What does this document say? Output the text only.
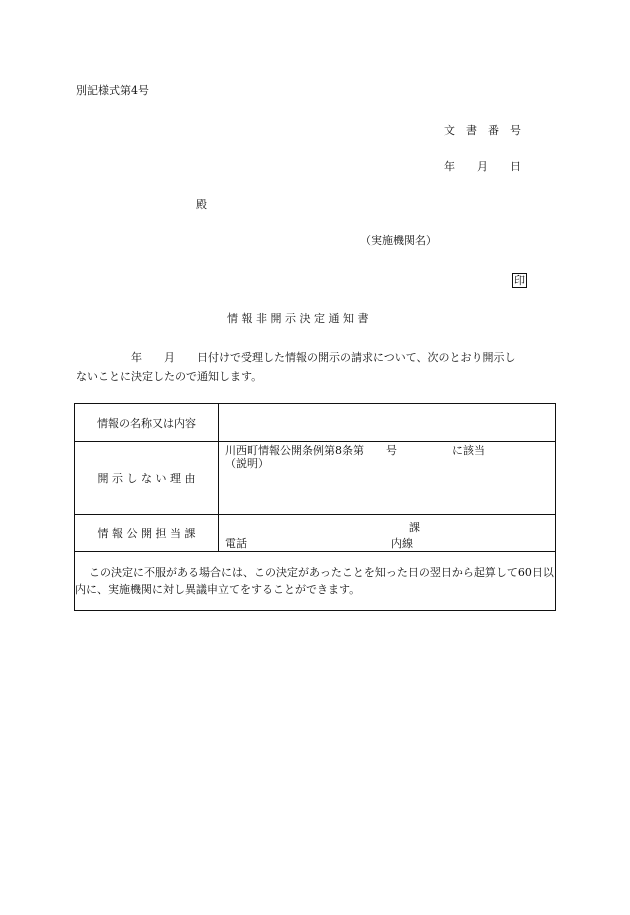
別記様式第4号
文　書　番　号
年　　月　　日
殿
（実施機関名）
印
情 報 非 開 示 決 定 通 知 書
　　　　　年　　月　　日付けで受理した情報の開示の請求について、次のとおり開示し
ないことに決定したので通知します。
情報の名称又は内容	
開 示 し な い 理 由	川西町情報公開条例第8条第　　号　　　　　に該当
（説明）

情 報 公 開 担 当 課	課
電話 内線

この決定に不服がある場合には、この決定があったことを知った日の翌日から起算して60日以内に、実施機関に対し異議申立てをすることができます。	
